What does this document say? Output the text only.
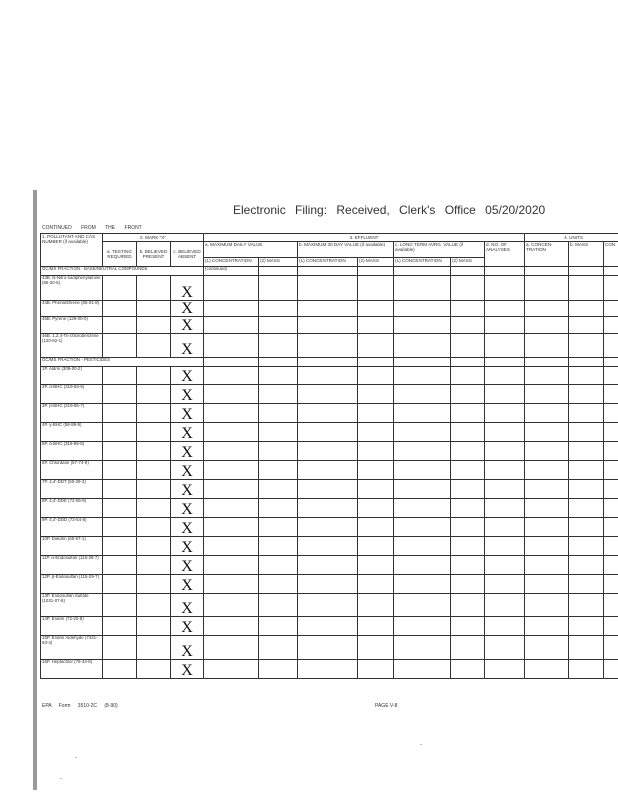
Electronic Filing: Received, Clerk's Office 05/20/2020
CONTINUED FROM THE FRONT
1. POLLUTANT AND CAS NUMBER (if available)	2. MARK "X"			3. EFFLUENT							4. UNITS		
	a. TESTING REQUIRED	b. BELIEVED PRESENT	c. BELIEVED ABSENT	a. MAXIMUM DAILY VALUE		b. MAXIMUM 30 DAY VALUE (if available)		c. LONG TERM AVRG. VALUE (if available)		d. NO. OF ANALYSES	a. CONCEN-TRATION	b. MASS	CON
				(1) CONCENTRATION	(2) MASS	(1) CONCENTRATION	(2) MASS	(1) CONCENTRATION	(2) MASS				
GC/MS FRACTION - BASE/NEUTRAL COMPOUNDS				(continued)									
43B. N-Nitro-sodiphenylamine (86-30-6)			X										
44B. Phenanthrene (85-01-8)			X										
45B. Pyrene (129-00-0)			X										
46B. 1,2,4-Tri-chlorobenzene (120-82-1)			X										
GC/MS FRACTION - PESTICIDES													
1P. Aldrin (309-00-2)			X										
2P. α-BHC (319-84-6)			X										
3P. β-BHC (319-85-7)			X										
4P. γ-BHC (58-89-9)			X										
5P. δ-BHC (319-86-8)			X										
6P. Chlordane (57-74-9)			X										
7P. 4,4'-DDT (50-29-3)			X										
8P. 4,4'-DDE (72-55-9)			X										
9P. 4,4'-DDD (72-54-8)			X										
10P. Dieldrin (60-57-1)			X										
11P. α-Endosulfan (115-29-7)			X										
12P. β-Endosulfan (115-29-7)			X										
13P. Endosulfan Sulfate (1031-07-8)			X										
14P. Endrin (72-20-8)			X										
15P. Endrin Aldehyde (7421-93-4)			X										
16P. Heptachlor (76-44-8)			X										
EPA Form 3510-2C (8-90)	PAGE V-8
